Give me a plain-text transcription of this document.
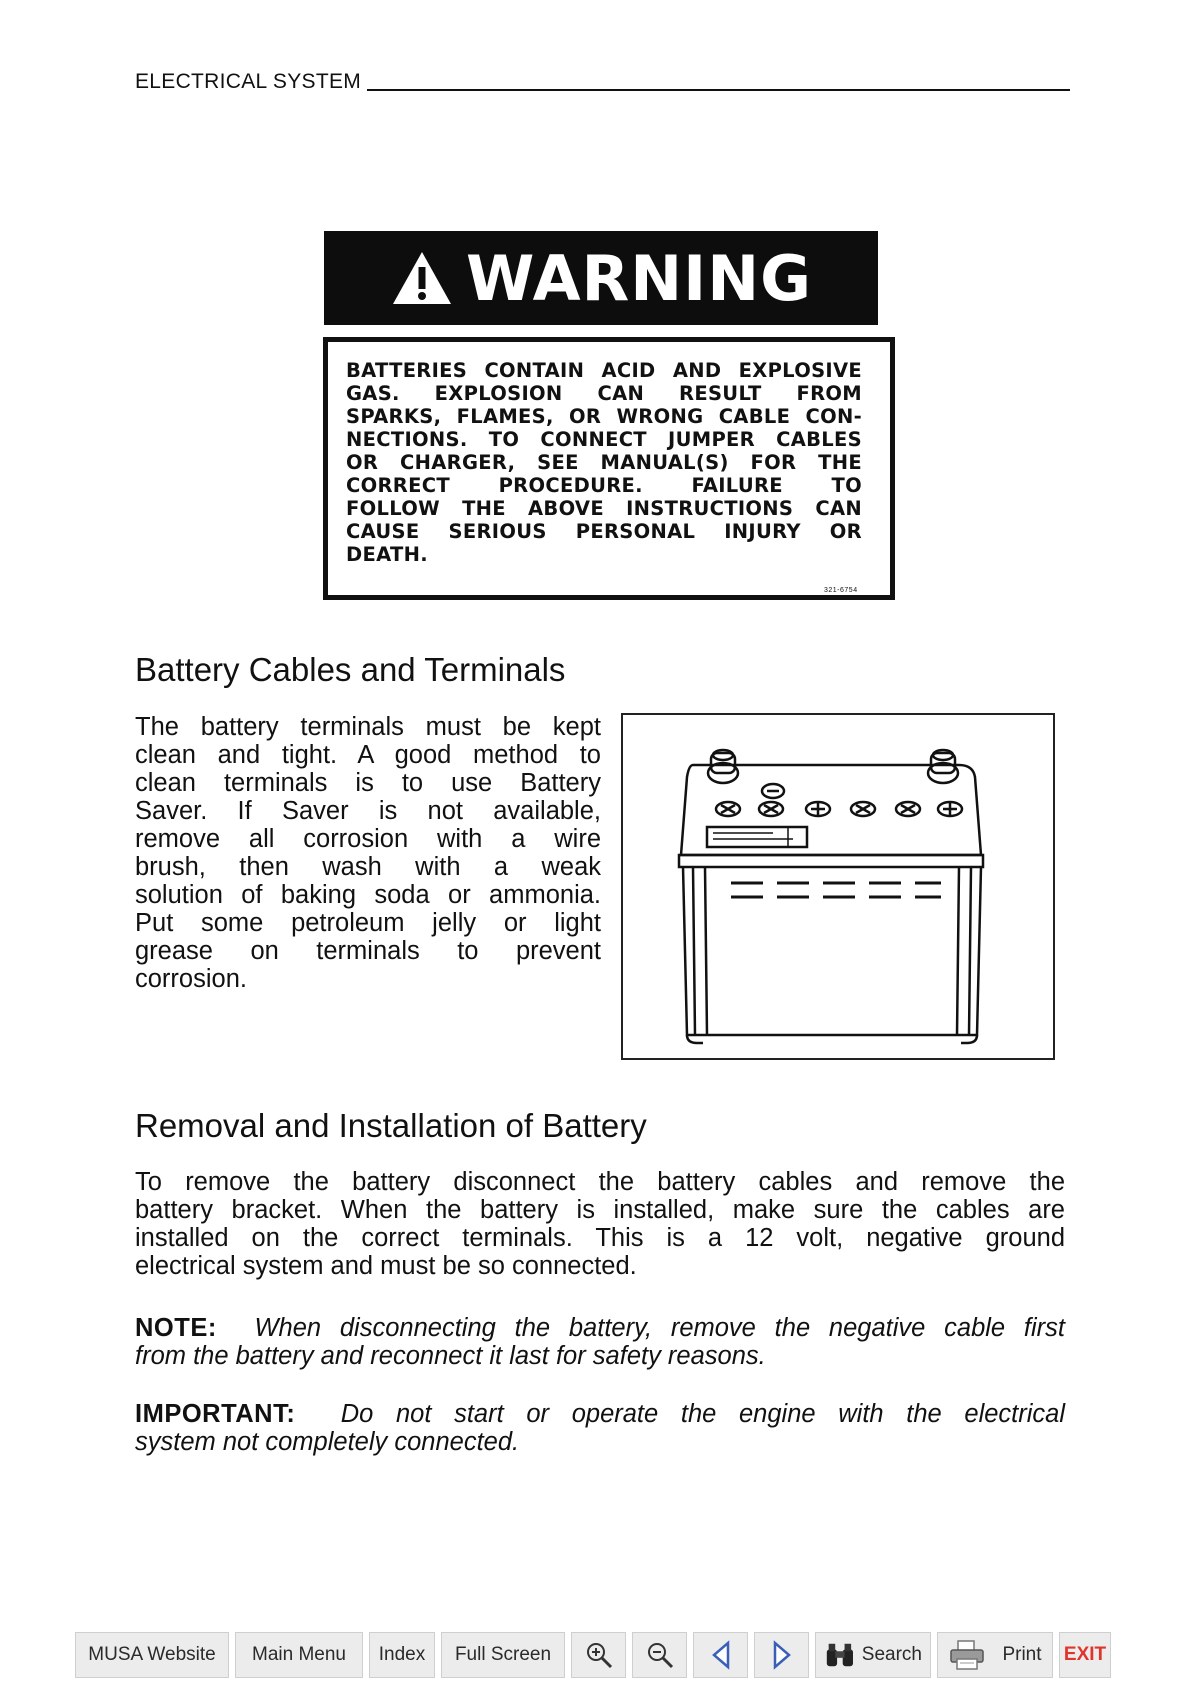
ELECTRICAL SYSTEM
WARNING
BATTERIES CONTAIN ACID AND EXPLOSIVE
GAS. EXPLOSION CAN RESULT FROM
SPARKS, FLAMES, OR WRONG CABLE CON-
NECTIONS. TO CONNECT JUMPER CABLES
OR CHARGER, SEE MANUAL(S) FOR THE
CORRECT PROCEDURE. FAILURE TO
FOLLOW THE ABOVE INSTRUCTIONS CAN
CAUSE SERIOUS PERSONAL INJURY OR
DEATH.
321-6754
Battery Cables and Terminals
The battery terminals must be kept
clean and tight. A good method to
clean terminals is to use Battery
Saver. If Saver is not available,
remove all corrosion with a wire
brush, then wash with a weak
solution of baking soda or ammonia.
Put some petroleum jelly or light
grease on terminals to prevent
corrosion.
Removal and Installation of Battery
To remove the battery disconnect the battery cables and remove the
battery bracket. When the battery is installed, make sure the cables are
installed on the correct terminals. This is a 12 volt, negative ground
electrical system and must be so connected.
NOTE: When disconnecting the battery, remove the negative cable first
from the battery and reconnect it last for safety reasons.
IMPORTANT: Do not start or operate the engine with the electrical
system not completely connected.
MUSA Website	Main Menu	Index	Full Screen	Search	Print EXIT
